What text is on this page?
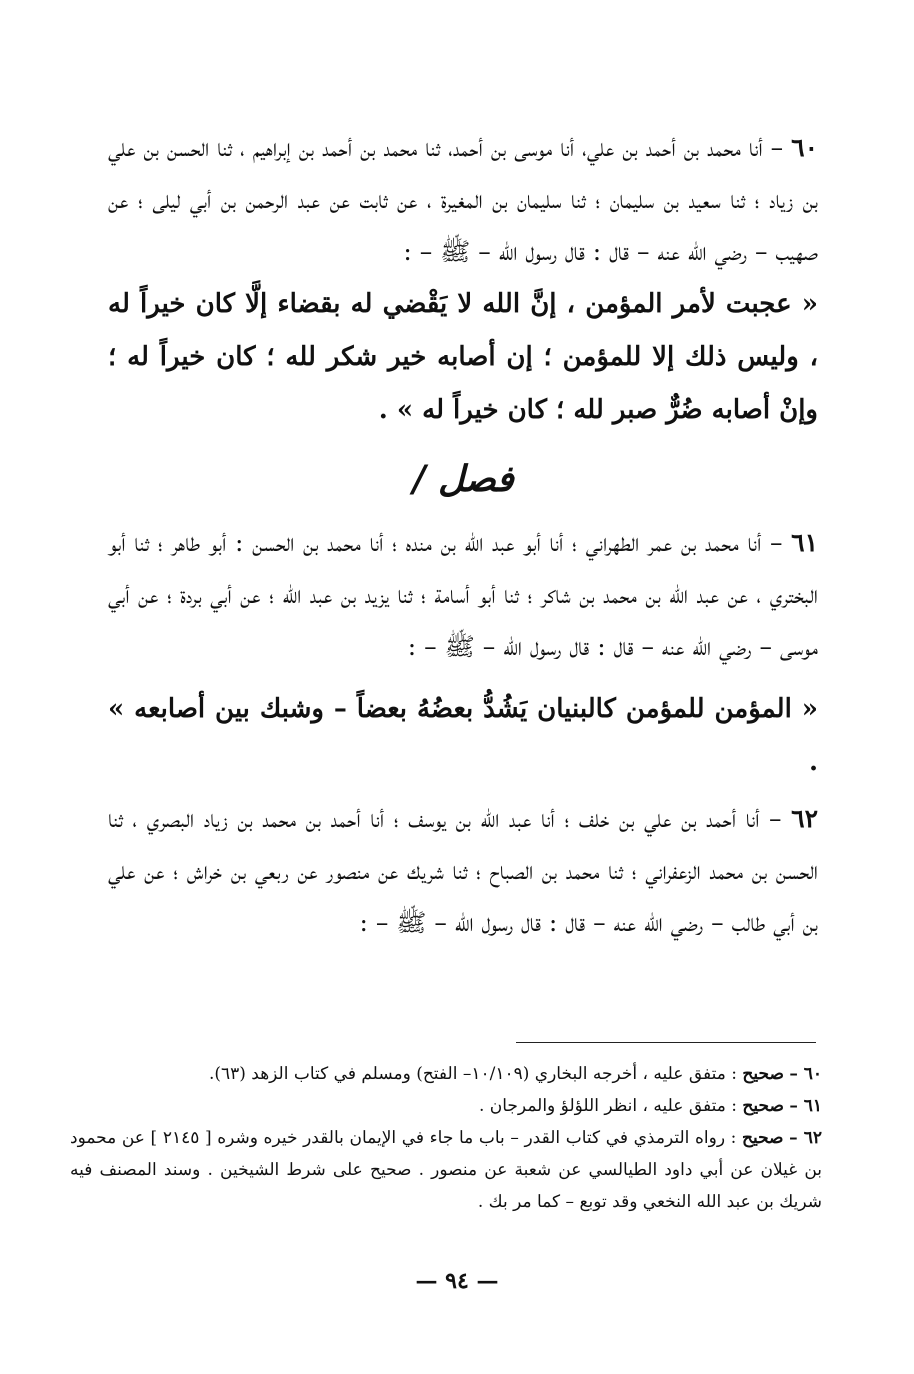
٦٠ – أنا محمد بن أحمد بن علي، أنا موسى بن أحمد، ثنا محمد بن أحمد بن إبراهيم ، ثنا الحسن بن علي بن زياد ؛ ثنا سعيد بن سليمان ؛ ثنا سليمان بن المغيرة ، عن ثابت عن عبد الرحمن بن أبي ليلى ؛ عن صهيب – رضي الله عنه – قال : قال رسول الله – ﷺ – :

« عجبت لأمر المؤمن ، إنَّ الله لا يَقْضي له بقضاء إلَّا كان خيراً له ، وليس ذلك إلا للمؤمن ؛ إن أصابه خير شكر لله ؛ كان خيراً له ؛ وإنْ أصابه ضُرٌّ صبر لله ؛ كان خيراً له » .

فصل /

٦١ – أنا محمد بن عمر الطهراني ؛ أنا أبو عبد الله بن منده ؛ أنا محمد بن الحسن : أبو طاهر ؛ ثنا أبو البختري ، عن عبد الله بن محمد بن شاكر ؛ ثنا أبو أسامة ؛ ثنا يزيد بن عبد الله ؛ عن أبي بردة ؛ عن أبي موسى – رضي الله عنه – قال : قال رسول الله – ﷺ – :

« المؤمن للمؤمن كالبنيان يَشُدُّ بعضُهُ بعضاً – وشبك بين أصابعه » .

٦٢ – أنا أحمد بن علي بن خلف ؛ أنا عبد الله بن يوسف ؛ أنا أحمد بن محمد بن زياد البصري ، ثنا الحسن بن محمد الزعفراني ؛ ثنا محمد بن الصباح ؛ ثنا شريك عن منصور عن ربعي بن خراش ؛ عن علي بن أبي طالب – رضي الله عنه – قال : قال رسول الله – ﷺ – :

٦٠ – صحيح : متفق عليه ، أخرجه البخاري (١٠/١٠٩– الفتح) ومسلم في كتاب الزهد (٦٣).

٦١ – صحيح : متفق عليه ، انظر اللؤلؤ والمرجان .

٦٢ – صحيح : رواه الترمذي في كتاب القدر – باب ما جاء في الإيمان بالقدر خيره وشره [ ٢١٤٥ ] عن محمود بن غيلان عن أبي داود الطيالسي عن شعبة عن منصور . صحيح على شرط الشيخين . وسند المصنف فيه شريك بن عبد الله النخعي وقد توبع – كما مر بك .

— ٩٤ —
